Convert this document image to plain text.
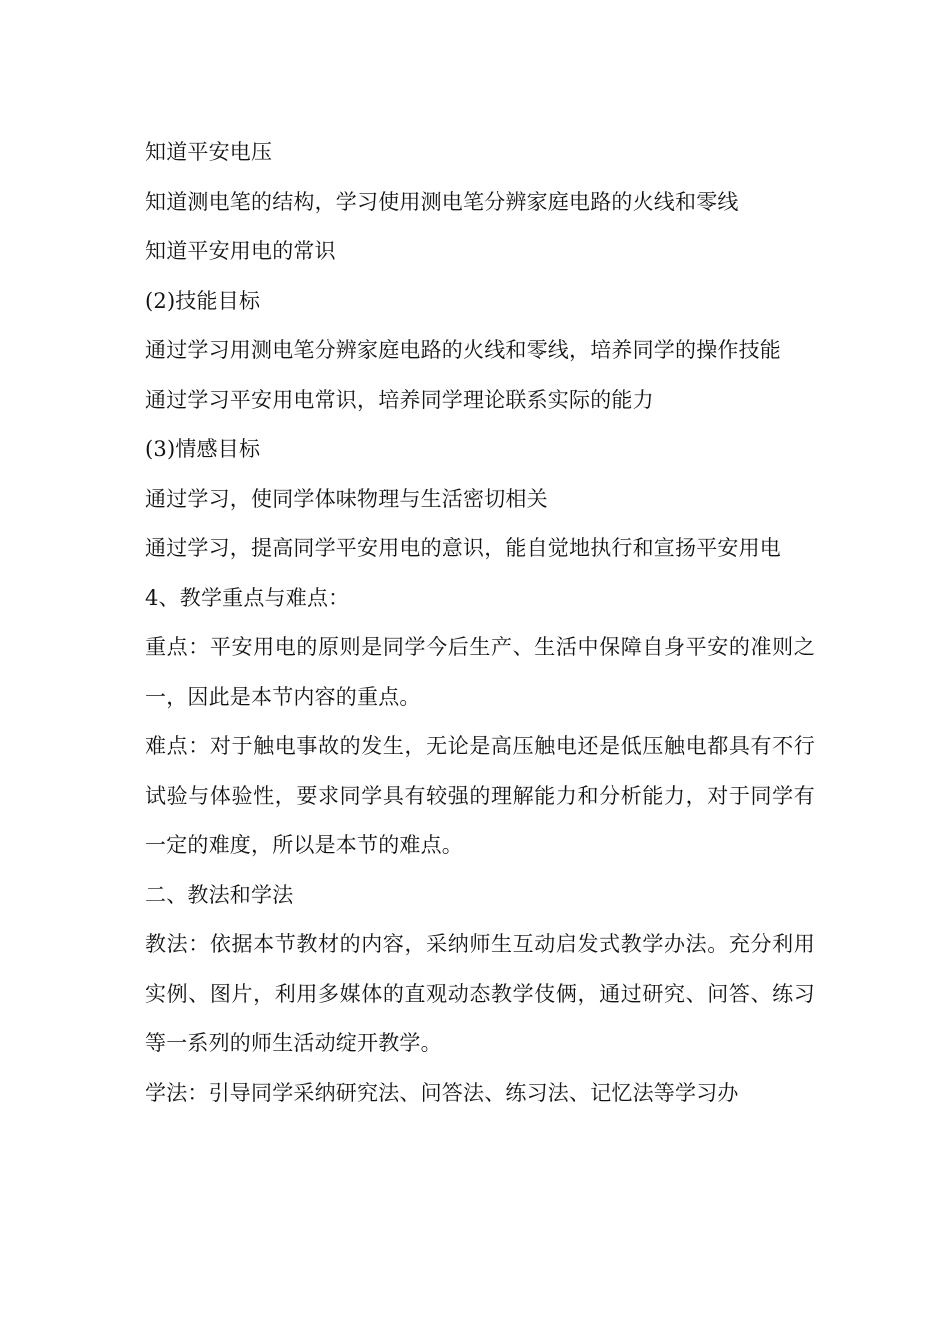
知道平安电压

知道测电笔的结构，学习使用测电笔分辨家庭电路的火线和零线

知道平安用电的常识

(2)技能目标

通过学习用测电笔分辨家庭电路的火线和零线，培养同学的操作技能

通过学习平安用电常识，培养同学理论联系实际的能力

(3)情感目标

通过学习，使同学体味物理与生活密切相关

通过学习，提高同学平安用电的意识，能自觉地执行和宣扬平安用电

4、教学重点与难点：

重点：平安用电的原则是同学今后生产、生活中保障自身平安的准则之一，因此是本节内容的重点。

难点：对于触电事故的发生，无论是高压触电还是低压触电都具有不行试验与体验性，要求同学具有较强的理解能力和分析能力，对于同学有一定的难度，所以是本节的难点。

二、教法和学法

教法：依据本节教材的内容，采纳师生互动启发式教学办法。充分利用实例、图片，利用多媒体的直观动态教学伎俩，通过研究、问答、练习等一系列的师生活动绽开教学。

学法：引导同学采纳研究法、问答法、练习法、记忆法等学习办
